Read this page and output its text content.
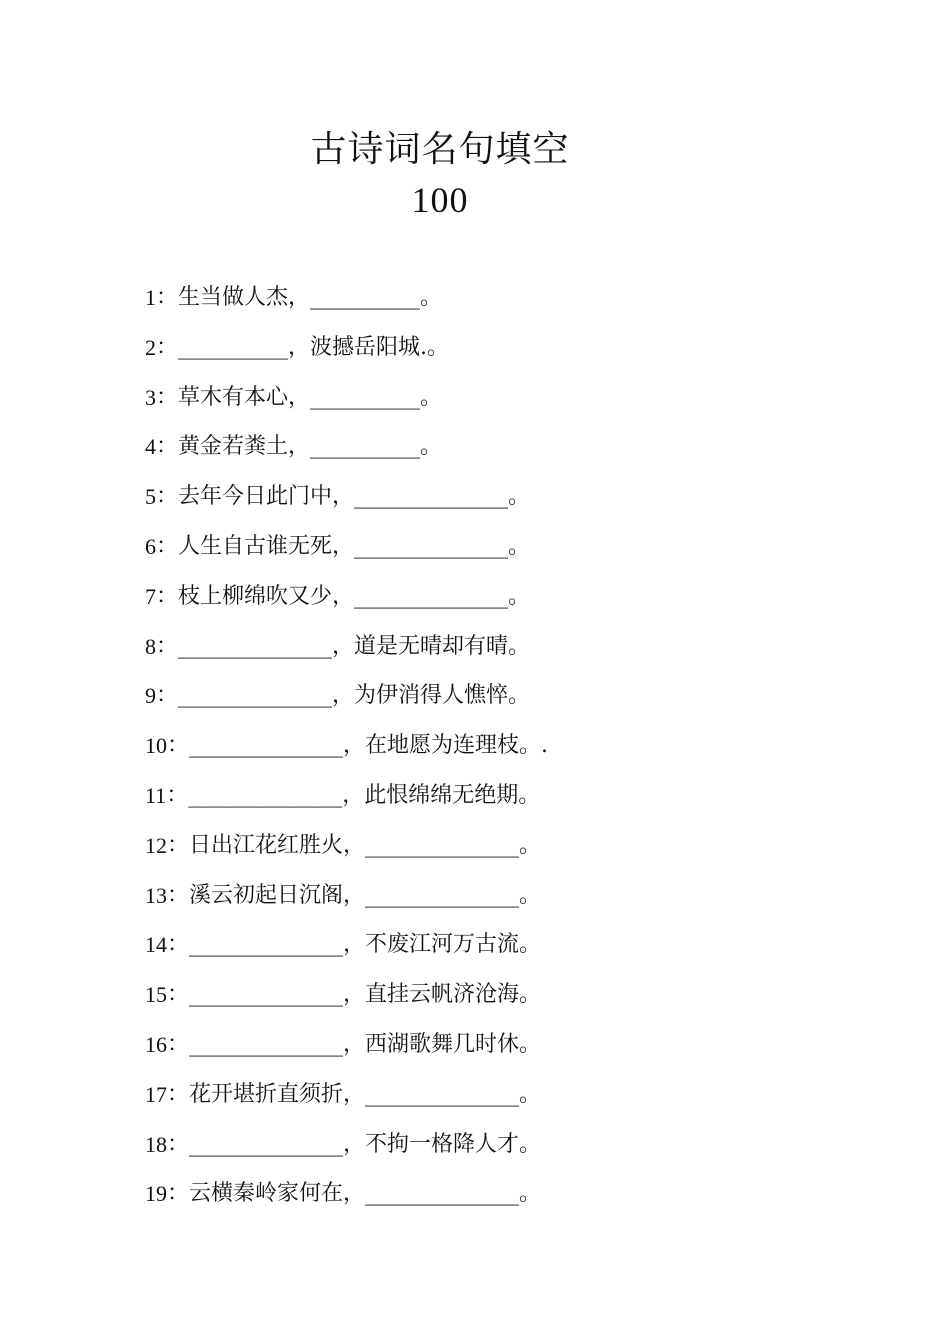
古诗词名句填空
100
1 ： 生当做人杰，__________。
2 ： __________，波撼岳阳城.。
3 ： 草木有本心，__________。
4 ： 黄金若粪土，__________。
5 ： 去年今日此门中，______________。
6 ： 人生自古谁无死，______________。
7 ： 枝上柳绵吹又少，______________。
8 ： ______________，道是无晴却有晴。
9 ： ______________，为伊消得人憔悴。
10 ： ______________，在地愿为连理枝。.
11 ： ______________，此恨绵绵无绝期。
12 ： 日出江花红胜火，______________。
13 ： 溪云初起日沉阁，______________。
14 ： ______________，不废江河万古流。
15 ： ______________，直挂云帆济沧海。
16 ： ______________，西湖歌舞几时休。
17 ： 花开堪折直须折，______________。
18 ： ______________，不拘一格降人才。
19 ： 云横秦岭家何在，______________。
